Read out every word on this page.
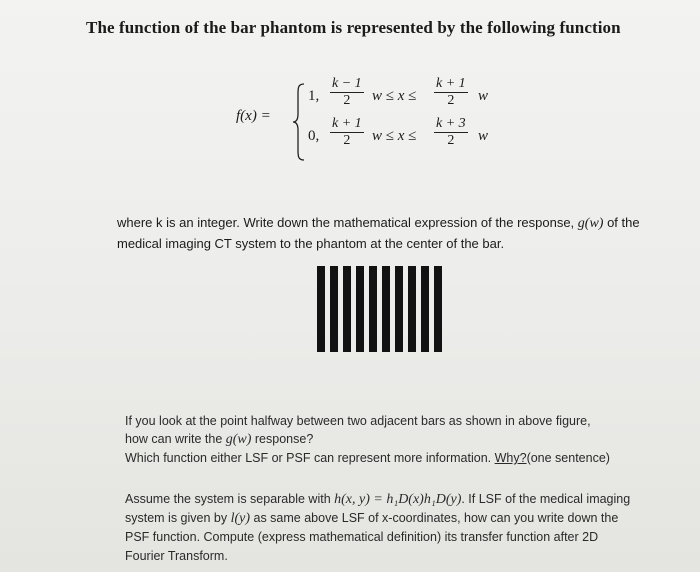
The function of the bar phantom is represented by the following function
f(x) =
1,
k − 1
2	w ≤ x ≤
k + 1
2	w
0,
k + 1
2	w ≤ x ≤
k + 3
2	w
where k is an integer. Write down the mathematical expression of the response, g(w) of the
medical imaging CT system to the phantom at the center of the bar.
If you look at the point halfway between two adjacent bars as shown in above figure,
how can write the g(w) response?
Which function either LSF or PSF can represent more information. Why?(one sentence)
Assume the system is separable with h(x, y) = h₁D(x)h₁D(y). If LSF of the medical imaging
system is given by l(y) as same above LSF of x-coordinates, how can you write down the
PSF function. Compute (express mathematical definition) its transfer function after 2D
Fourier Transform.
